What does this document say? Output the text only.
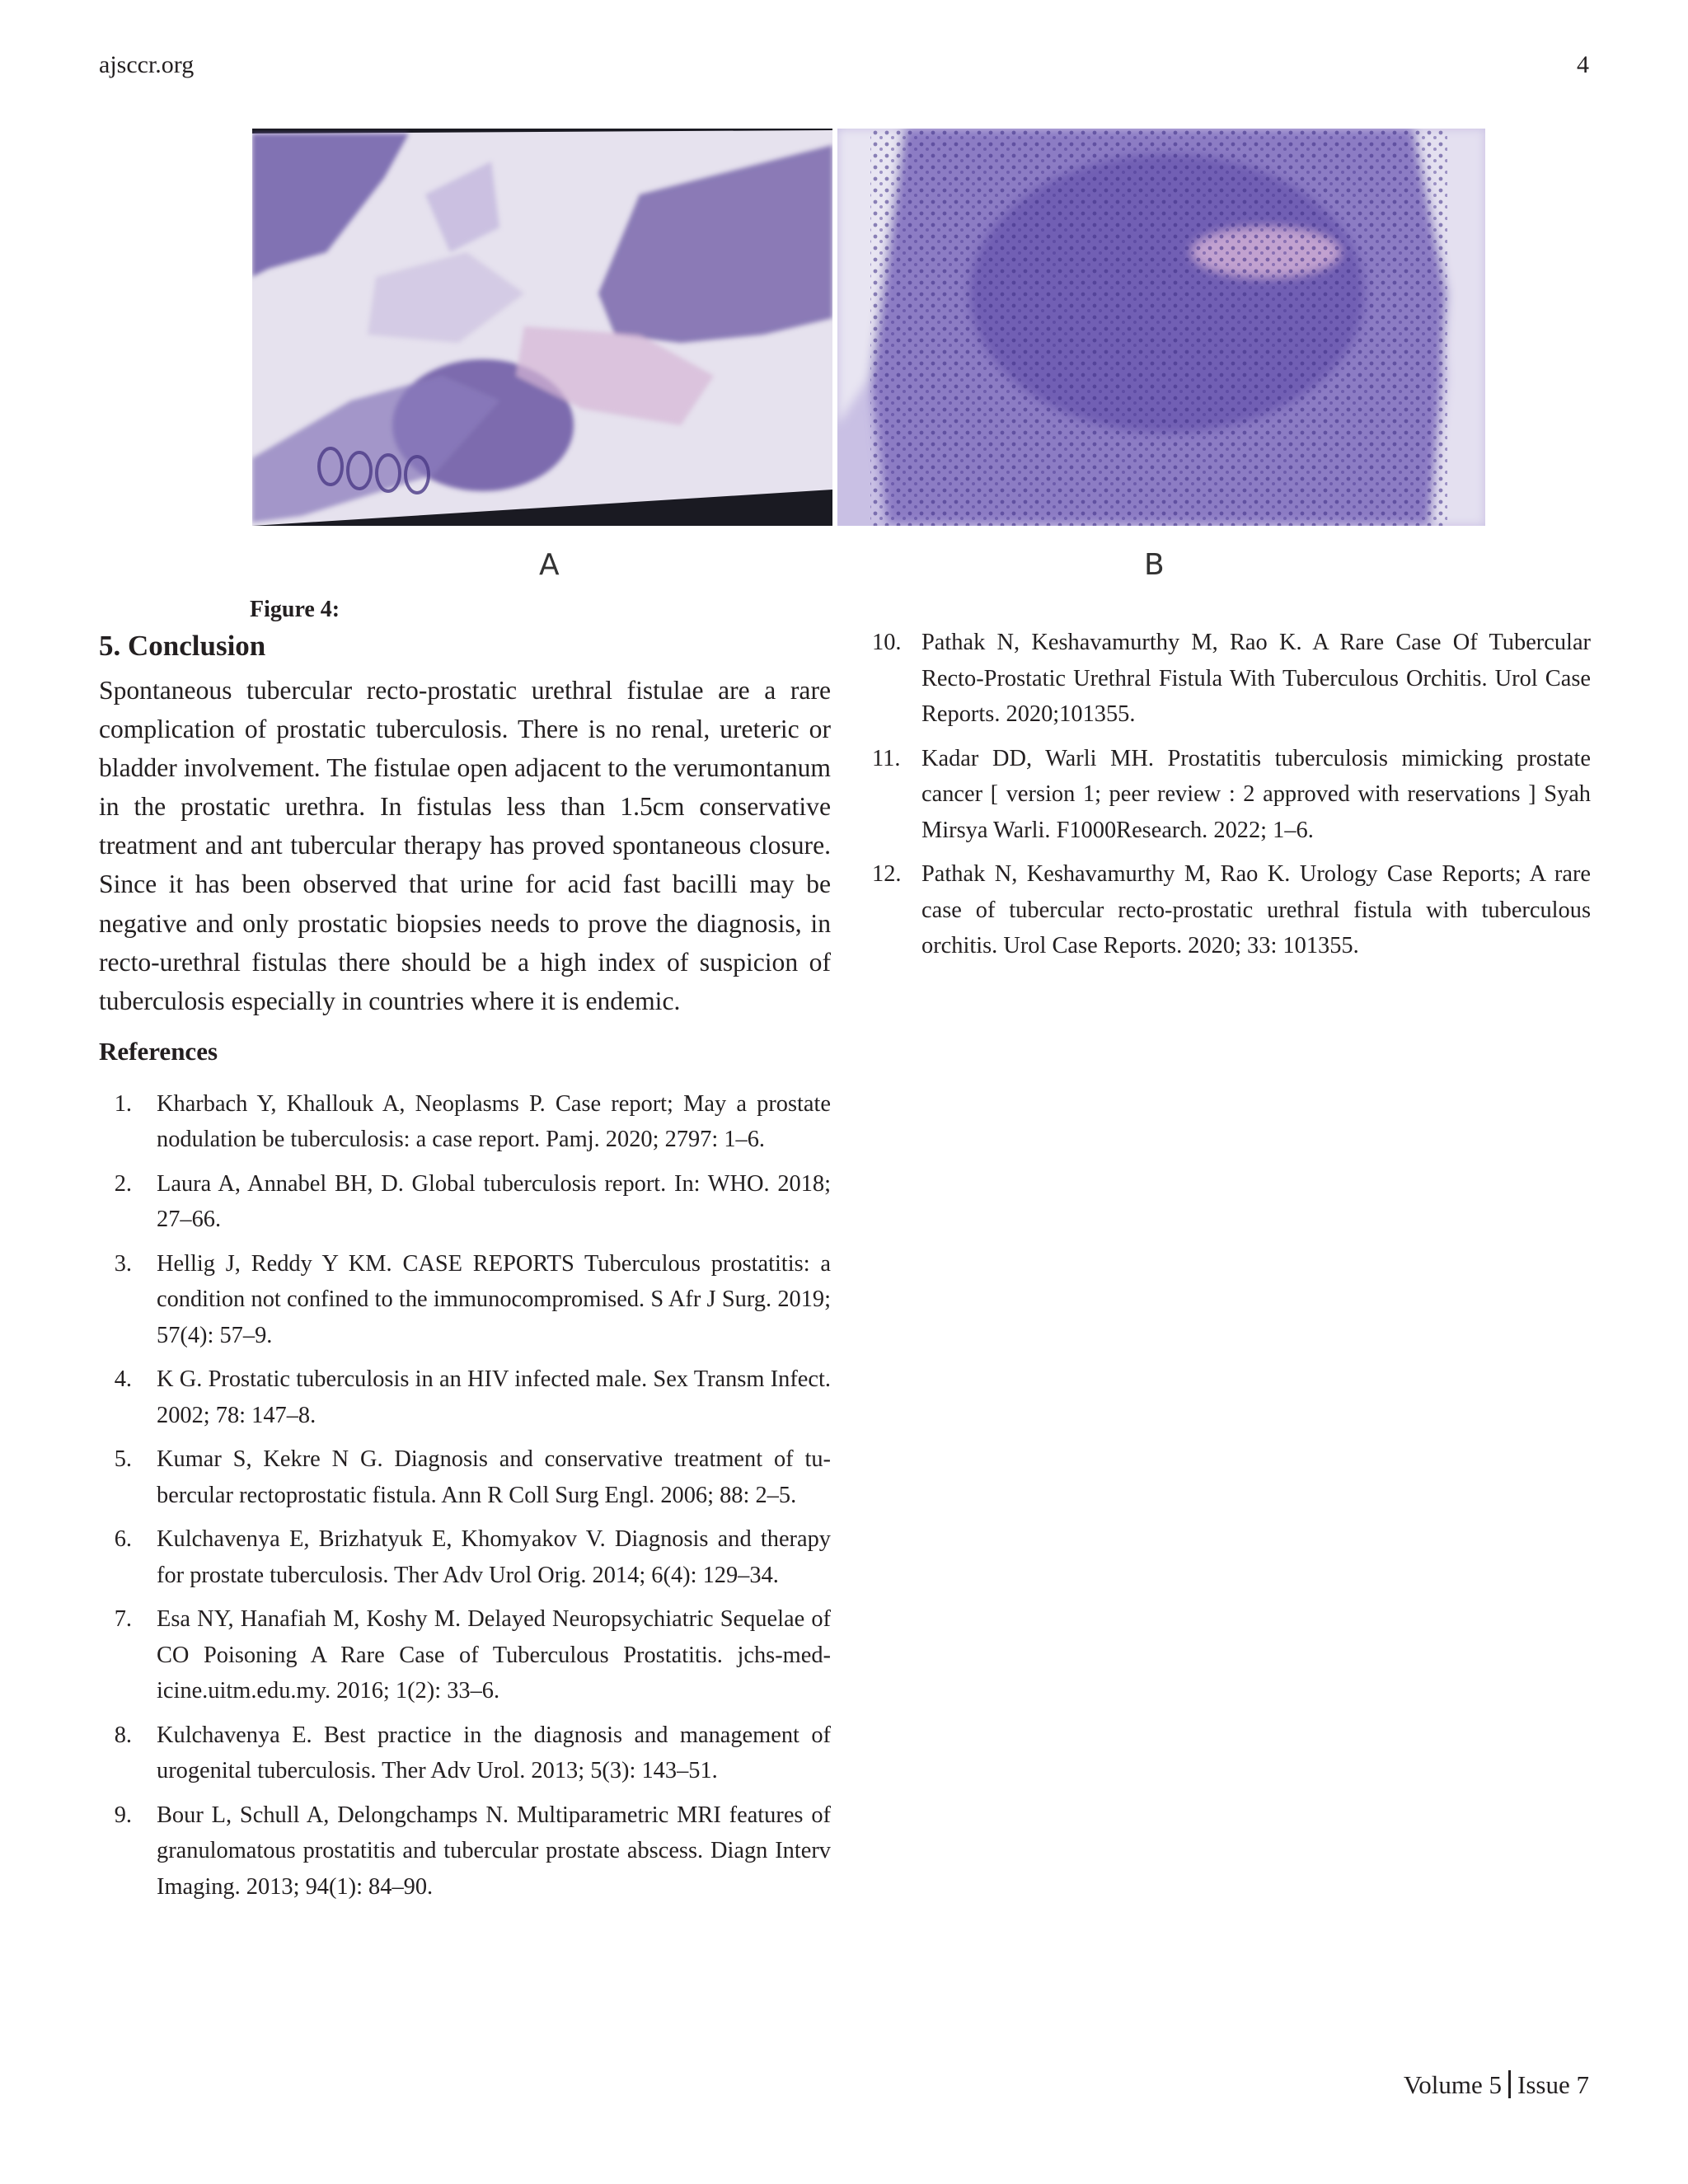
ajsccr.org	4
A	B
Figure 4:
5. Conclusion

Spontaneous tubercular recto-prostatic urethral fistulae are a rare complication of prostatic tuberculosis. There is no renal, ureteric or bladder involvement. The fistulae open adjacent to the verumontanum in the prostatic urethra. In fistulas less than 1.5cm conservative treatment and ant tubercular therapy has proved spontaneous closure. Since it has been observed that urine for acid fast bacilli may be negative and only prostatic biopsies needs to prove the diagnosis, in recto-urethral fistulas there should be a high index of suspicion of tuberculosis especially in countries where it is endemic.

References
1. Kharbach Y, Khallouk A, Neoplasms P. Case report; May a prostate nodulation be tuberculosis: a case report. Pamj. 2020; 2797: 1–6.
2. Laura A, Annabel BH, D. Global tuberculosis report. In: WHO. 2018; 27–66.
3. Hellig J, Reddy Y KM. CASE REPORTS Tuberculous prostatitis: a condition not confined to the immunocompromised. S Afr J Surg. 2019; 57(4): 57–9.
4. K G. Prostatic tuberculosis in an HIV infected male. Sex Transm Infect. 2002; 78: 147–8.
5. Kumar S, Kekre N G. Diagnosis and conservative treatment of tubercular rectoprostatic fistula. Ann R Coll Surg Engl. 2006; 88: 2–5.
6. Kulchavenya E, Brizhatyuk E, Khomyakov V. Diagnosis and therapy for prostate tuberculosis. Ther Adv Urol Orig. 2014; 6(4): 129–34.
7. Esa NY, Hanafiah M, Koshy M. Delayed Neuropsychiatric Sequelae of CO Poisoning A Rare Case of Tuberculous Prostatitis. jchs-medicine.uitm.edu.my. 2016; 1(2): 33–6.
8. Kulchavenya E. Best practice in the diagnosis and management of urogenital tuberculosis. Ther Adv Urol. 2013; 5(3): 143–51.
9. Bour L, Schull A, Delongchamps N. Multiparametric MRI features of granulomatous prostatitis and tubercular prostate abscess. Diagn Interv Imaging. 2013; 94(1): 84–90.
10. Pathak N, Keshavamurthy M, Rao K. A Rare Case Of Tubercular Recto-Prostatic Urethral Fistula With Tuberculous Orchitis. Urol Case Reports. 2020;101355.
11. Kadar DD, Warli MH. Prostatitis tuberculosis mimicking prostate cancer [ version 1; peer review : 2 approved with reservations ] Syah Mirsya Warli. F1000Research. 2022; 1–6.
12. Pathak N, Keshavamurthy M, Rao K. Urology Case Reports; A rare case of tubercular recto-prostatic urethral fistula with tuberculous orchitis. Urol Case Reports. 2020; 33: 101355.
Volume 5 Issue 7
